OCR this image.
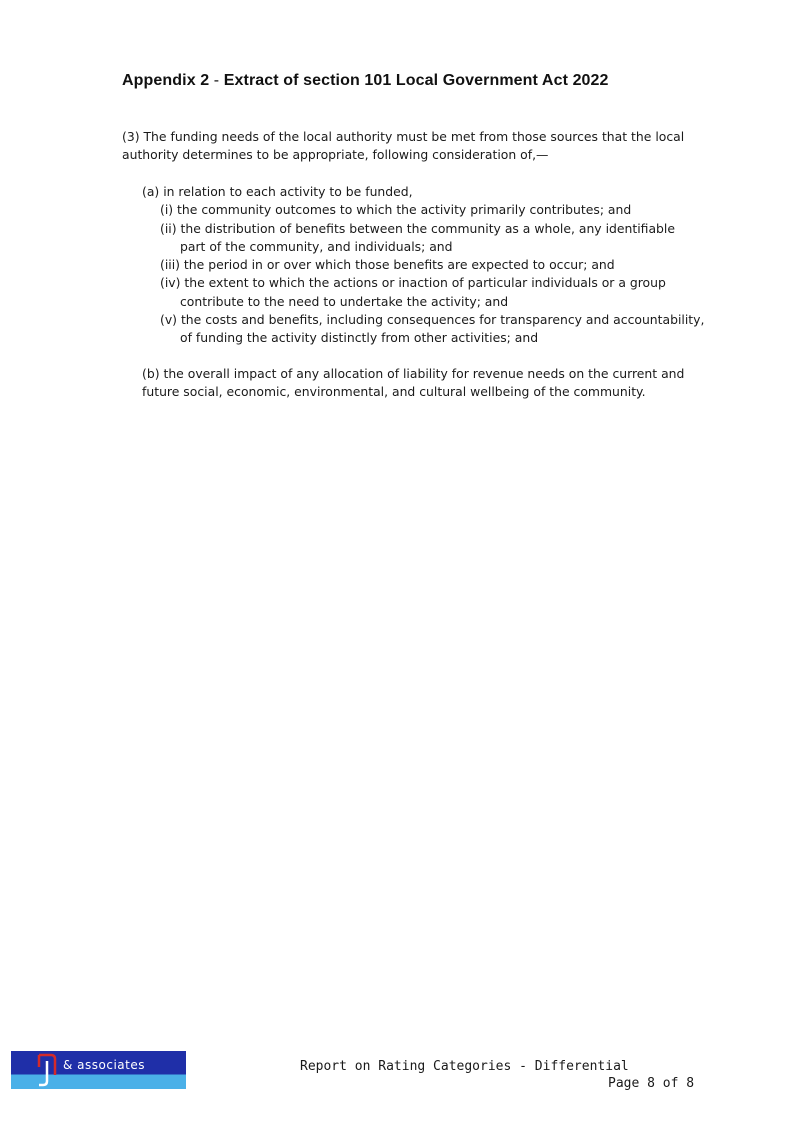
Appendix 2 - Extract of section 101 Local Government Act 2022
(3) The funding needs of the local authority must be met from those sources that the local
authority determines to be appropriate, following consideration of,—
(a) in relation to each activity to be funded,
(i) the community outcomes to which the activity primarily contributes; and
(ii) the distribution of benefits between the community as a whole, any identifiable
part of the community, and individuals; and
(iii) the period in or over which those benefits are expected to occur; and
(iv) the extent to which the actions or inaction of particular individuals or a group
contribute to the need to undertake the activity; and
(v) the costs and benefits, including consequences for transparency and accountability,
of funding the activity distinctly from other activities; and
(b) the overall impact of any allocation of liability for revenue needs on the current and
future social, economic, environmental, and cultural wellbeing of the community.
& associates	Report on Rating Categories - Differential
Page 8 of 8
